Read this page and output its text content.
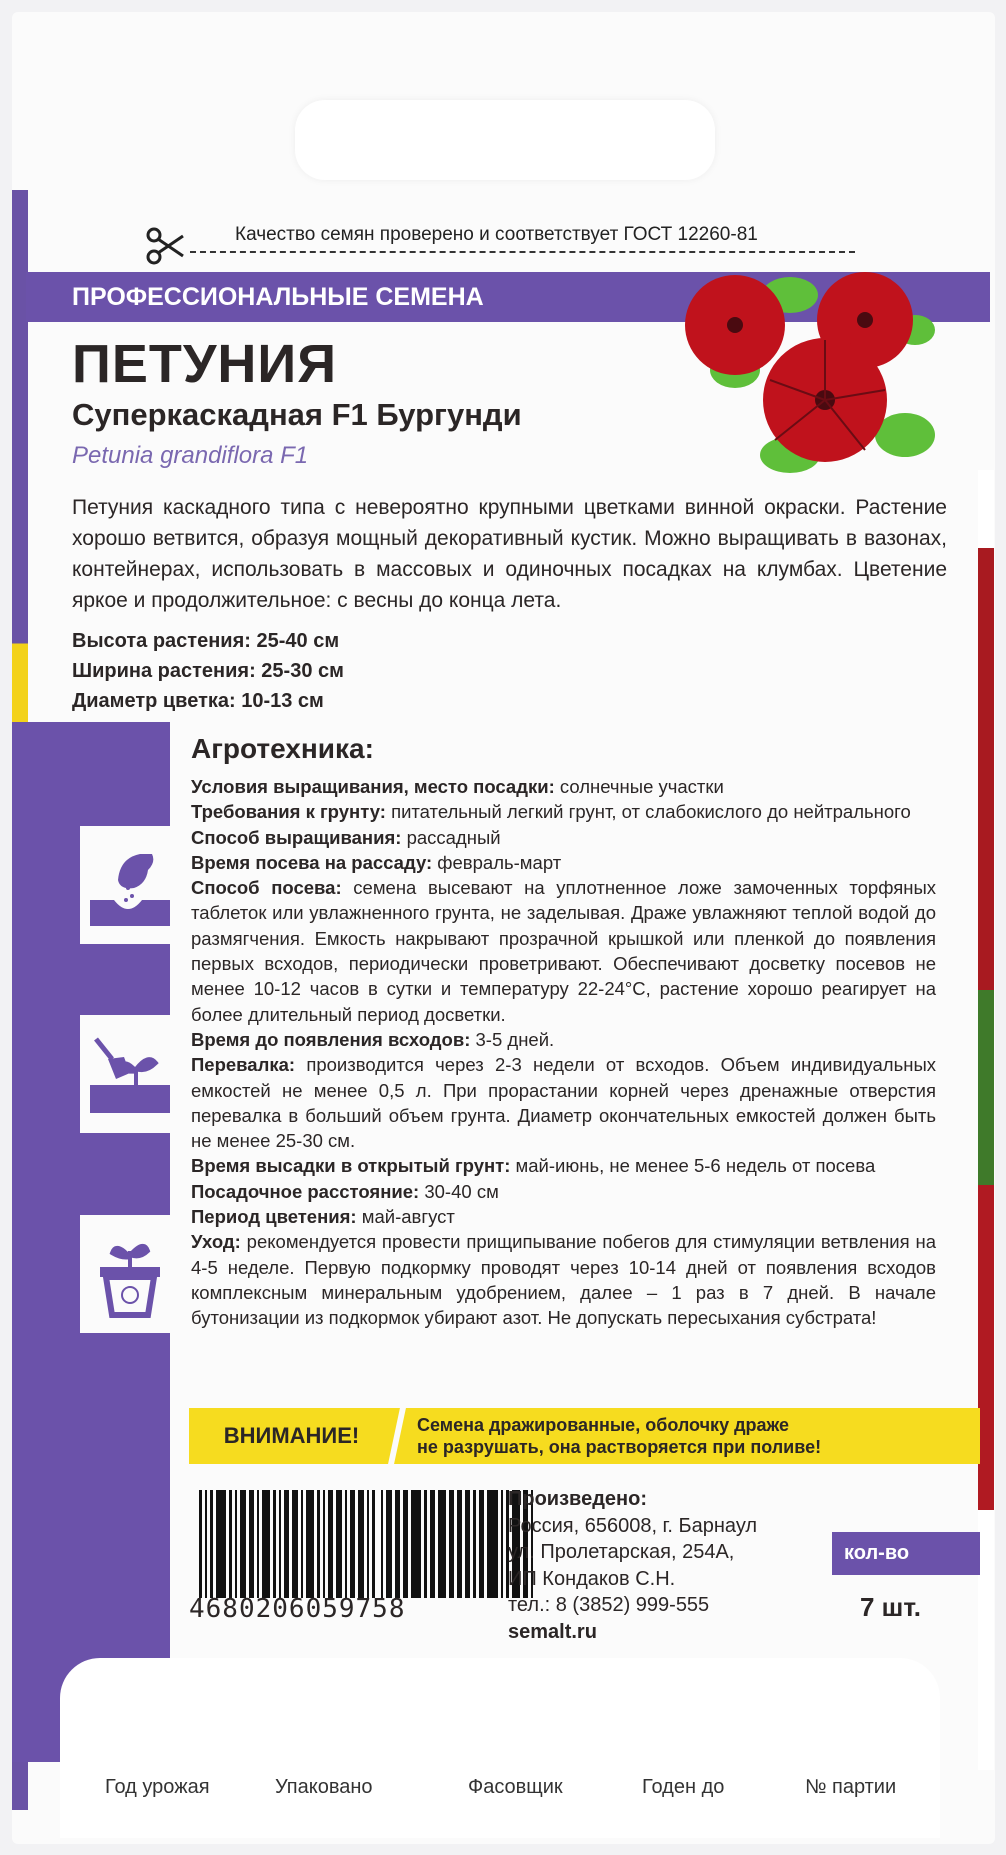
Качество семян проверено и соответствует ГОСТ 12260-81
ПРОФЕССИОНАЛЬНЫЕ СЕМЕНА
ПЕТУНИЯ
Суперкаскадная F1 Бургунди
Petunia grandiflora F1
Петуния каскадного типа с невероятно крупными цветками винной окраски. Растение хорошо ветвится, образуя мощный декоративный кустик. Можно выращивать в вазонах, контейнерах, использовать в массовых и одиночных посадках на клумбах. Цветение яркое и продолжительное: с весны до конца лета.
Высота растения: 25-40 см
Ширина растения: 25-30 см
Диаметр цветка: 10-13 см
Агротехника:
Условия выращивания, место посадки: солнечные участки
Требования к грунту: питательный легкий грунт, от слабокислого до нейтрального
Способ выращивания: рассадный
Время посева на рассаду: февраль-март
Способ посева: семена высевают на уплотненное ложе замоченных торфяных таблеток или увлажненного грунта, не заделывая. Драже увлажняют теплой водой до размягчения. Емкость накрывают прозрачной крышкой или пленкой до появления первых всходов, периодически проветривают. Обеспечивают досветку посевов не менее 10-12 часов в сутки и температуру 22-24°С, растение хорошо реагирует на более длительный период досветки.
Время до появления всходов: 3-5 дней.
Перевалка: производится через 2-3 недели от всходов. Объем индивидуальных емкостей не менее 0,5 л. При прорастании корней через дренажные отверстия перевалка в больший объем грунта. Диаметр окончательных емкостей должен быть не менее 25-30 см.
Время высадки в открытый грунт: май-июнь, не менее 5-6 недель от посева
Посадочное расстояние: 30-40 см
Период цветения: май-август
Уход: рекомендуется провести прищипывание побегов для стимуляции ветвления на 4-5 неделе. Первую подкормку проводят через 10-14 дней от появления всходов комплексным минеральным удобрением, далее – 1 раз в 7 дней. В начале бутонизации из подкормок убирают азот. Не допускать пересыхания субстрата!
ВНИМАНИЕ!	Семена дражированные, оболочку драже
не разрушать, она растворяется при поливе!
4680206059758
Произведено:
Россия, 656008, г. Барнаул
ул. Пролетарская, 254А,
ИП Кондаков С.Н.
тел.: 8 (3852) 999-555
semalt.ru
кол-во
7 шт.
Год урожая	Упаковано	Фасовщик	Годен до	№ партии
